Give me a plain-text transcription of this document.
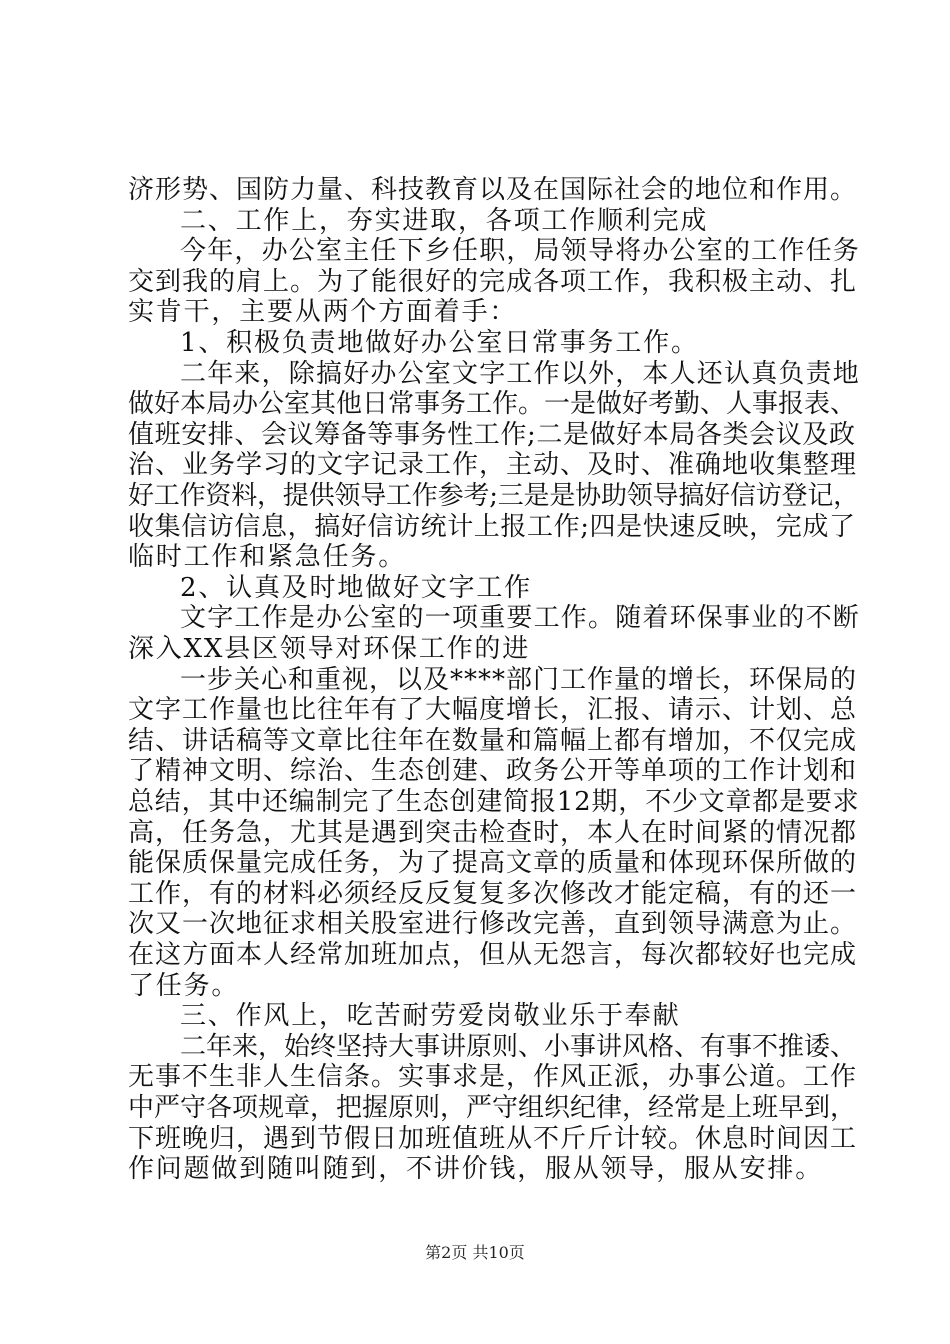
济形势、国防力量、科技教育以及在国际社会的地位和作用。
二、工作上，夯实进取，各项工作顺利完成
今年，办公室主任下乡任职，局领导将办公室的工作任务
交到我的肩上。为了能很好的完成各项工作，我积极主动、扎
实肯干，主要从两个方面着手：
1、积极负责地做好办公室日常事务工作。
二年来，除搞好办公室文字工作以外，本人还认真负责地
做好本局办公室其他日常事务工作。一是做好考勤、人事报表、
值班安排、会议筹备等事务性工作;二是做好本局各类会议及政
治、业务学习的文字记录工作，主动、及时、准确地收集整理
好工作资料，提供领导工作参考;三是是协助领导搞好信访登记，
收集信访信息，搞好信访统计上报工作;四是快速反映，完成了
临时工作和紧急任务。
2、认真及时地做好文字工作
文字工作是办公室的一项重要工作。随着环保事业的不断
深入XX县区领导对环保工作的进
一步关心和重视，以及****部门工作量的增长，环保局的
文字工作量也比往年有了大幅度增长，汇报、请示、计划、总
结、讲话稿等文章比往年在数量和篇幅上都有增加，不仅完成
了精神文明、综治、生态创建、政务公开等单项的工作计划和
总结，其中还编制完了生态创建简报12期，不少文章都是要求
高，任务急，尤其是遇到突击检查时，本人在时间紧的情况都
能保质保量完成任务，为了提高文章的质量和体现环保所做的
工作，有的材料必须经反反复复多次修改才能定稿，有的还一
次又一次地征求相关股室进行修改完善，直到领导满意为止。
在这方面本人经常加班加点，但从无怨言，每次都较好也完成
了任务。
三、作风上，吃苦耐劳爱岗敬业乐于奉献
二年来，始终坚持大事讲原则、小事讲风格、有事不推诿、
无事不生非人生信条。实事求是，作风正派，办事公道。工作
中严守各项规章，把握原则，严守组织纪律，经常是上班早到，
下班晚归，遇到节假日加班值班从不斤斤计较。休息时间因工
作问题做到随叫随到，不讲价钱，服从领导，服从安排。
第2页 共10页
